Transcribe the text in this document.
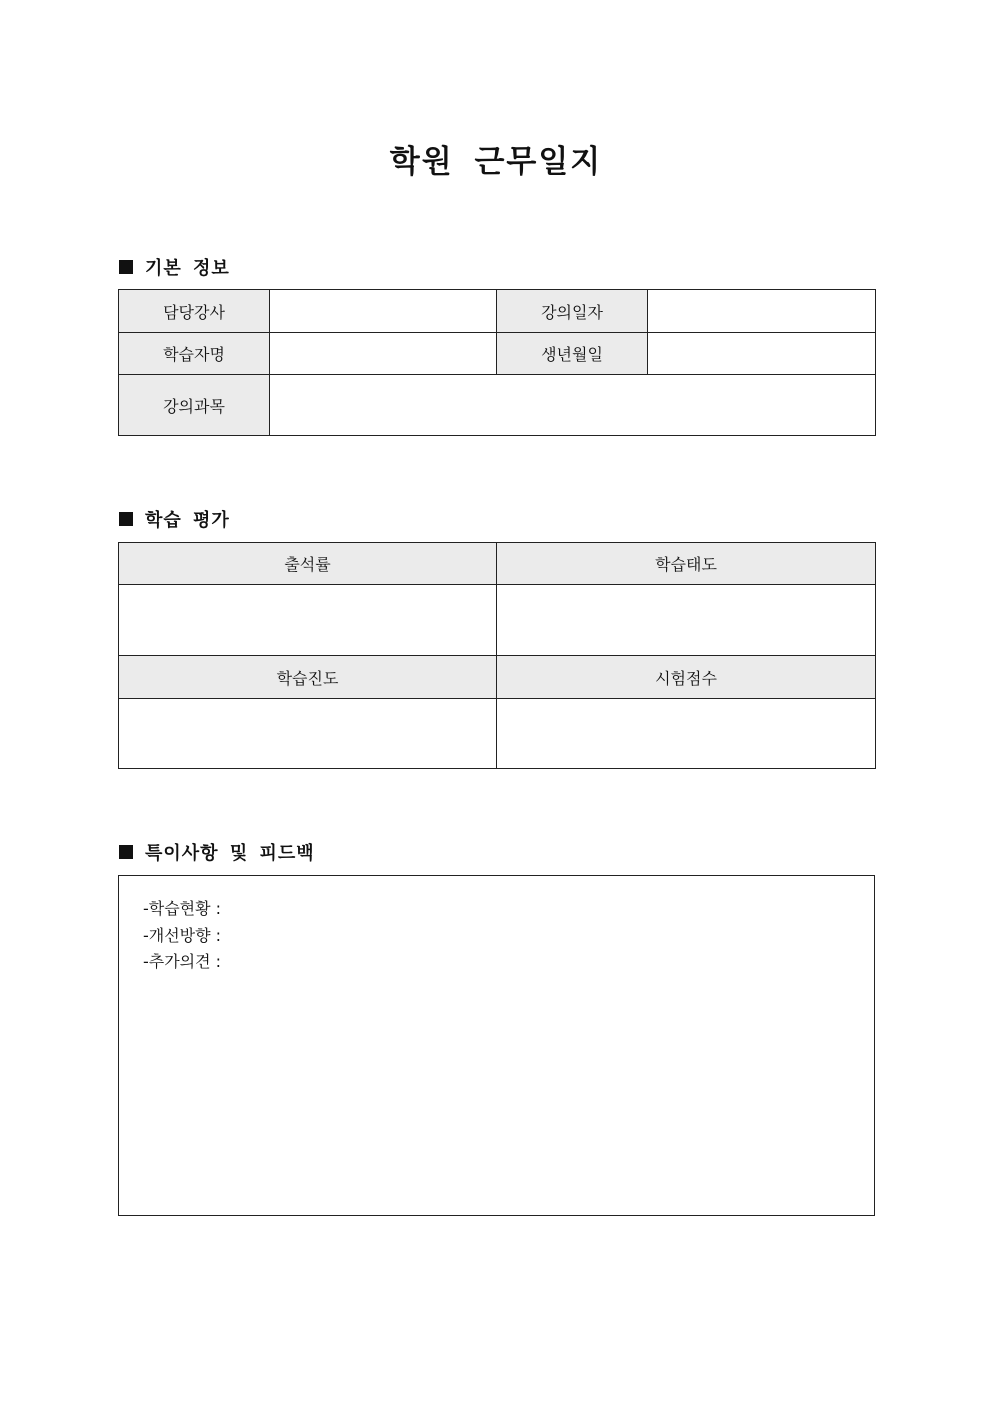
학원 근무일지
기본 정보
담당강사		강의일자	
학습자명		생년월일	
강의과목			
학습 평가
출석률	학습태도

학습진도	시험점수

특이사항 및 피드백
-학습현황 :
-개선방향 :
-추가의견 :
